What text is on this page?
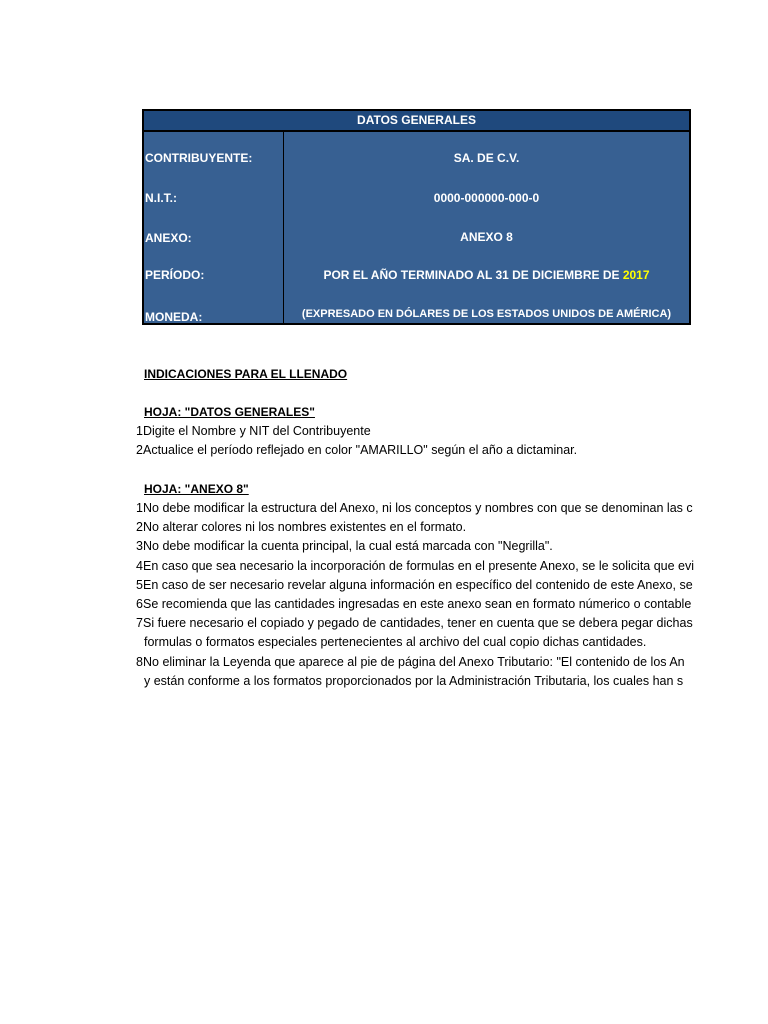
DATOS GENERALES
CONTRIBUYENTE:	SA. DE C.V.
N.I.T.:	0000-000000-000-0
ANEXO:	ANEXO 8
PERÍODO:	POR EL AÑO TERMINADO AL 31 DE DICIEMBRE DE 2017
MONEDA:	(EXPRESADO EN DÓLARES DE LOS ESTADOS UNIDOS DE AMÉRICA)
INDICACIONES PARA EL LLENADO
HOJA: "DATOS GENERALES"
1Digite el Nombre y NIT del Contribuyente
2Actualice el período reflejado en color "AMARILLO" según el año a dictaminar.
HOJA: "ANEXO 8"
1No debe modificar la estructura del Anexo, ni los conceptos y nombres con que se denominan las c
2No alterar colores ni los nombres existentes en el formato.
3No debe modificar la cuenta principal, la cual está marcada con "Negrilla".
4En caso que sea necesario la incorporación de formulas en el presente Anexo, se le solicita que evi
5En caso de ser necesario revelar alguna información en específico del contenido de este Anexo, se
6Se recomienda que las cantidades ingresadas en este anexo sean en formato númerico o contable
7Si fuere necesario el copiado y pegado de cantidades, tener en cuenta que se debera pegar dichas
formulas o formatos especiales pertenecientes al archivo del cual copio dichas cantidades.
8No eliminar la Leyenda que aparece al pie de página del Anexo Tributario: "El contenido de los An
y están conforme a los formatos proporcionados por la Administración Tributaria, los cuales han s
